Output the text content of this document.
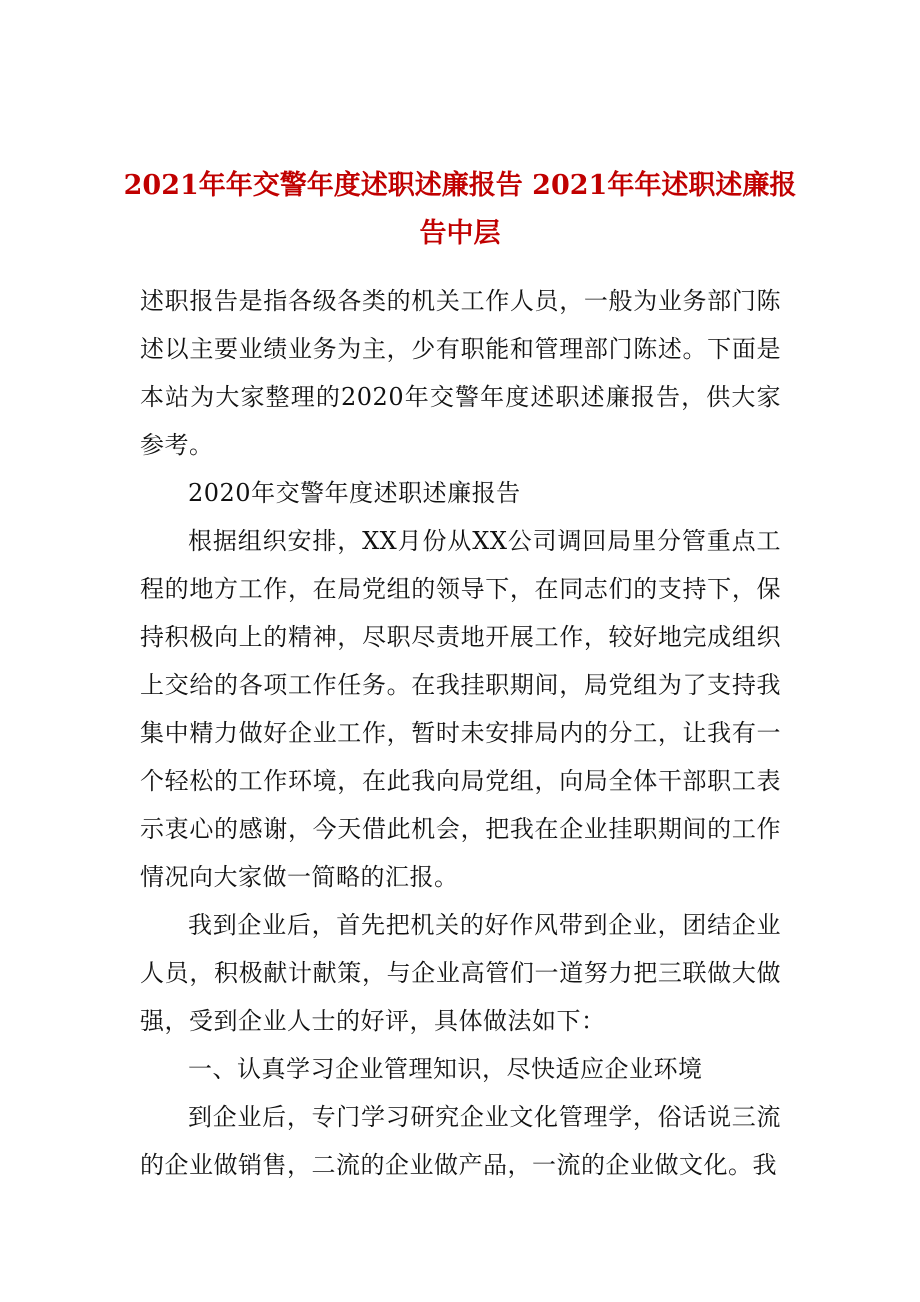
2021年年交警年度述职述廉报告 2021年年述职述廉报告中层

述职报告是指各级各类的机关工作人员，一般为业务部门陈述以主要业绩业务为主，少有职能和管理部门陈述。下面是本站为大家整理的2020年交警年度述职述廉报告，供大家参考。

2020年交警年度述职述廉报告

根据组织安排，XX月份从XX公司调回局里分管重点工程的地方工作，在局党组的领导下，在同志们的支持下，保持积极向上的精神，尽职尽责地开展工作，较好地完成组织上交给的各项工作任务。在我挂职期间，局党组为了支持我集中精力做好企业工作，暂时未安排局内的分工，让我有一个轻松的工作环境，在此我向局党组，向局全体干部职工表示衷心的感谢，今天借此机会，把我在企业挂职期间的工作情况向大家做一简略的汇报。

我到企业后，首先把机关的好作风带到企业，团结企业人员，积极献计献策，与企业高管们一道努力把三联做大做强，受到企业人士的好评，具体做法如下：

一、认真学习企业管理知识，尽快适应企业环境

到企业后，专门学习研究企业文化管理学，俗话说三流的企业做销售，二流的企业做产品，一流的企业做文化。我
